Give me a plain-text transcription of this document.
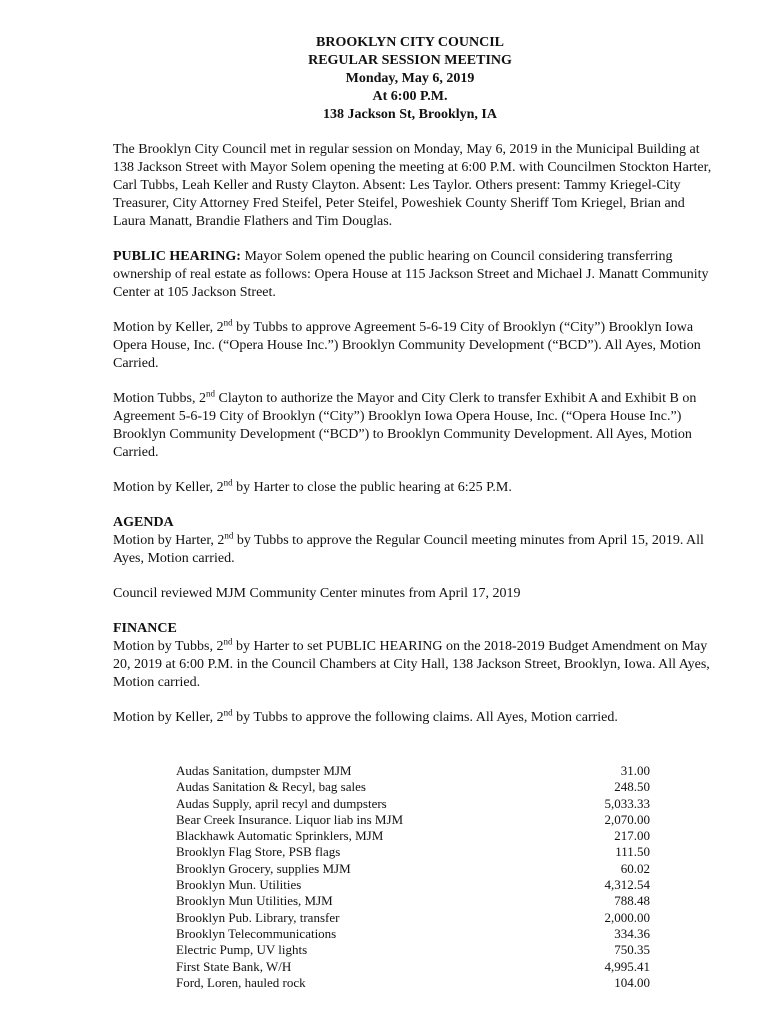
BROOKLYN CITY COUNCIL
REGULAR SESSION MEETING
Monday, May 6, 2019
At 6:00 P.M.
138 Jackson St, Brooklyn, IA

The Brooklyn City Council met in regular session on Monday, May 6, 2019 in the Municipal Building at 138 Jackson Street with Mayor Solem opening the meeting at 6:00 P.M. with Councilmen Stockton Harter, Carl Tubbs, Leah Keller and Rusty Clayton. Absent: Les Taylor. Others present: Tammy Kriegel-City Treasurer, City Attorney Fred Steifel, Peter Steifel, Poweshiek County Sheriff Tom Kriegel, Brian and Laura Manatt, Brandie Flathers and Tim Douglas.

PUBLIC HEARING: Mayor Solem opened the public hearing on Council considering transferring ownership of real estate as follows: Opera House at 115 Jackson Street and Michael J. Manatt Community Center at 105 Jackson Street.

Motion by Keller, 2nd by Tubbs to approve Agreement 5-6-19 City of Brooklyn (“City”) Brooklyn Iowa Opera House, Inc. (“Opera House Inc.”) Brooklyn Community Development (“BCD”). All Ayes, Motion Carried.

Motion Tubbs, 2nd Clayton to authorize the Mayor and City Clerk to transfer Exhibit A and Exhibit B on Agreement 5-6-19 City of Brooklyn (“City”) Brooklyn Iowa Opera House, Inc. (“Opera House Inc.”) Brooklyn Community Development (“BCD”) to Brooklyn Community Development. All Ayes, Motion Carried.

Motion by Keller, 2nd by Harter to close the public hearing at 6:25 P.M.

AGENDA
Motion by Harter, 2nd by Tubbs to approve the Regular Council meeting minutes from April 15, 2019. All Ayes, Motion carried.

Council reviewed MJM Community Center minutes from April 17, 2019

FINANCE
Motion by Tubbs, 2nd by Harter to set PUBLIC HEARING on the 2018-2019 Budget Amendment on May 20, 2019 at 6:00 P.M. in the Council Chambers at City Hall, 138 Jackson Street, Brooklyn, Iowa. All Ayes, Motion carried.

Motion by Keller, 2nd by Tubbs to approve the following claims. All Ayes, Motion carried.

Audas Sanitation, dumpster MJM	31.00
Audas Sanitation & Recyl, bag sales	248.50
Audas Supply, april recyl and dumpsters	5,033.33
Bear Creek Insurance. Liquor liab ins MJM	2,070.00
Blackhawk Automatic Sprinklers, MJM	217.00
Brooklyn Flag Store, PSB flags	111.50
Brooklyn Grocery, supplies MJM	60.02
Brooklyn Mun. Utilities	4,312.54
Brooklyn Mun Utilities, MJM	788.48
Brooklyn Pub. Library, transfer	2,000.00
Brooklyn Telecommunications	334.36
Electric Pump, UV lights	750.35
First State Bank, W/H	4,995.41
Ford, Loren, hauled rock	104.00
